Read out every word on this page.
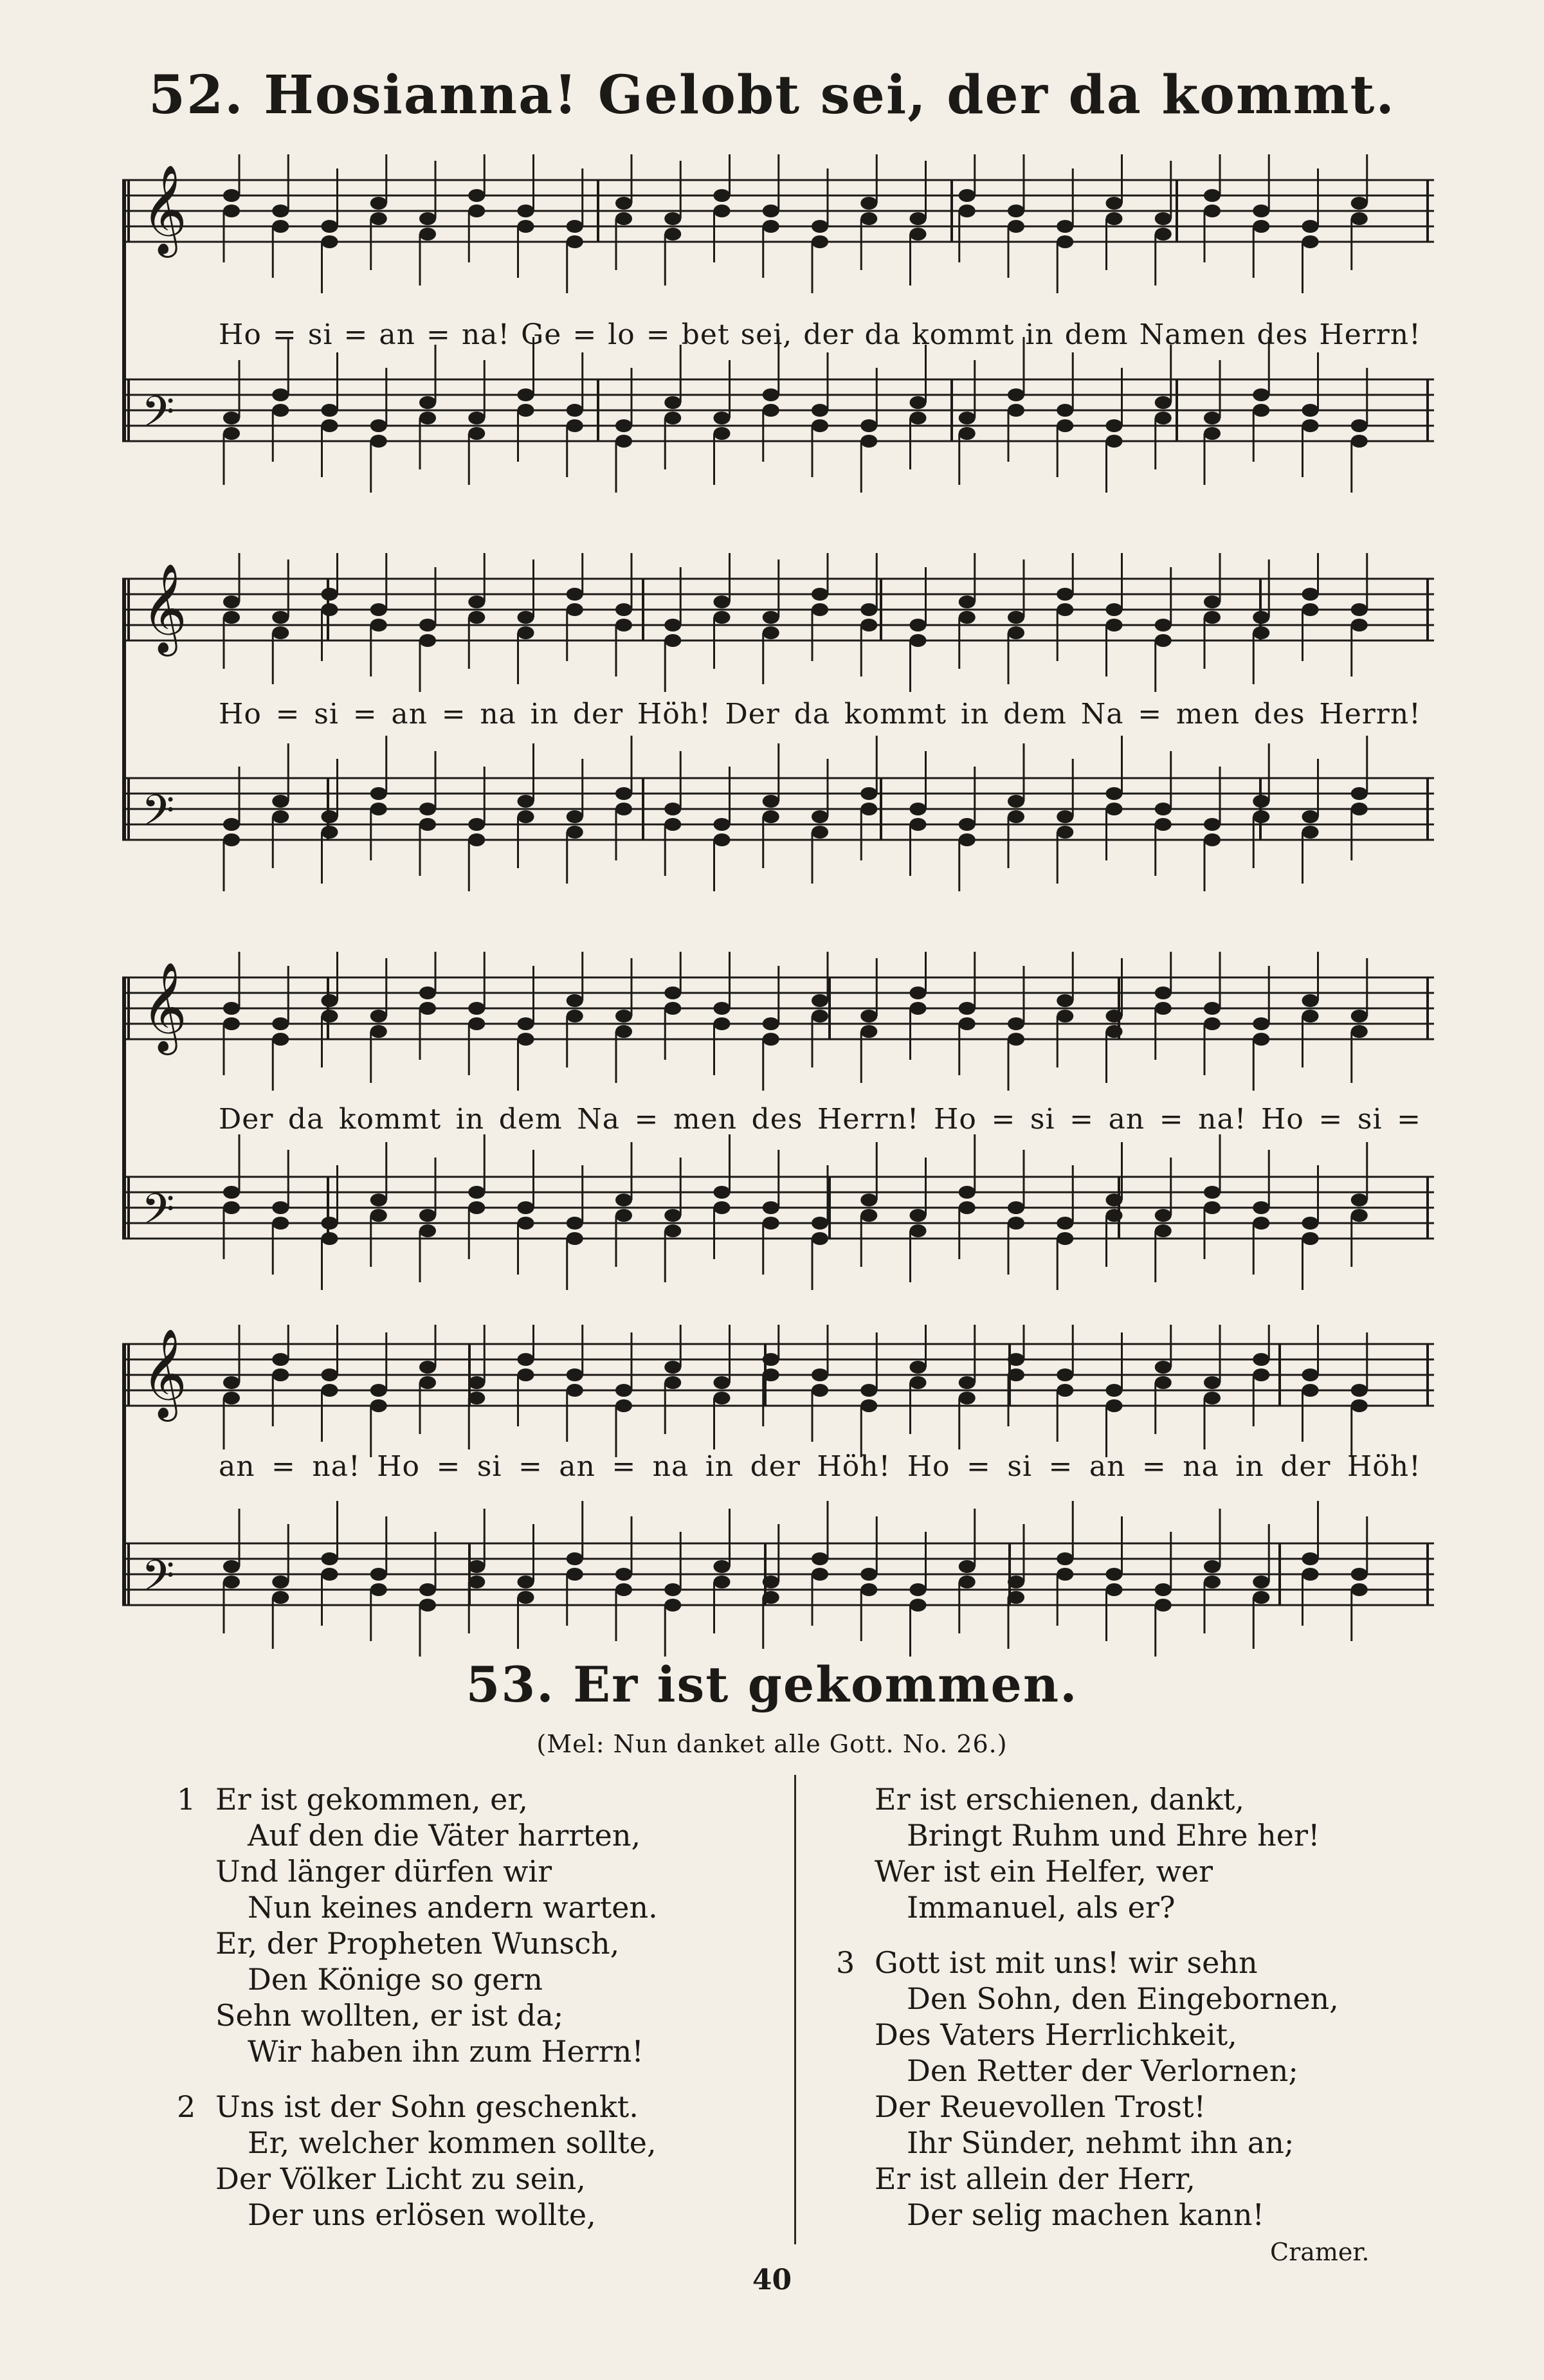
52. Hosianna! Gelobt sei, der da kommt.
𝄞
𝄢
Ho = si = an = na! Ge = lo = bet sei, der da kommt in dem Namen des Herrn!
𝄞
𝄢
Ho = si = an = na in der Höh! Der da kommt in dem Na = men des Herrn!
𝄞
𝄢
Der da kommt in dem Na = men des Herrn! Ho = si = an = na! Ho = si =
𝄞
𝄢
an = na! Ho = si = an = na in der Höh! Ho = si = an = na in der Höh!
53. Er ist gekommen.
(Mel: Nun danket alle Gott. No. 26.)
1 Er ist gekommen, er,
Auf den die Väter harrten,
Und länger dürfen wir
Nun keines andern warten.
Er, der Propheten Wunsch,
Den Könige so gern
Sehn wollten, er ist da;
Wir haben ihn zum Herrn!
2 Uns ist der Sohn geschenkt.
Er, welcher kommen sollte,
Der Völker Licht zu sein,
Der uns erlösen wollte,
Er ist erschienen, dankt,
Bringt Ruhm und Ehre her!
Wer ist ein Helfer, wer
Immanuel, als er?
3 Gott ist mit uns! wir sehn
Den Sohn, den Eingebornen,
Des Vaters Herrlichkeit,
Den Retter der Verlornen;
Der Reuevollen Trost!
Ihr Sünder, nehmt ihn an;
Er ist allein der Herr,
Der selig machen kann!
Cramer.
40
